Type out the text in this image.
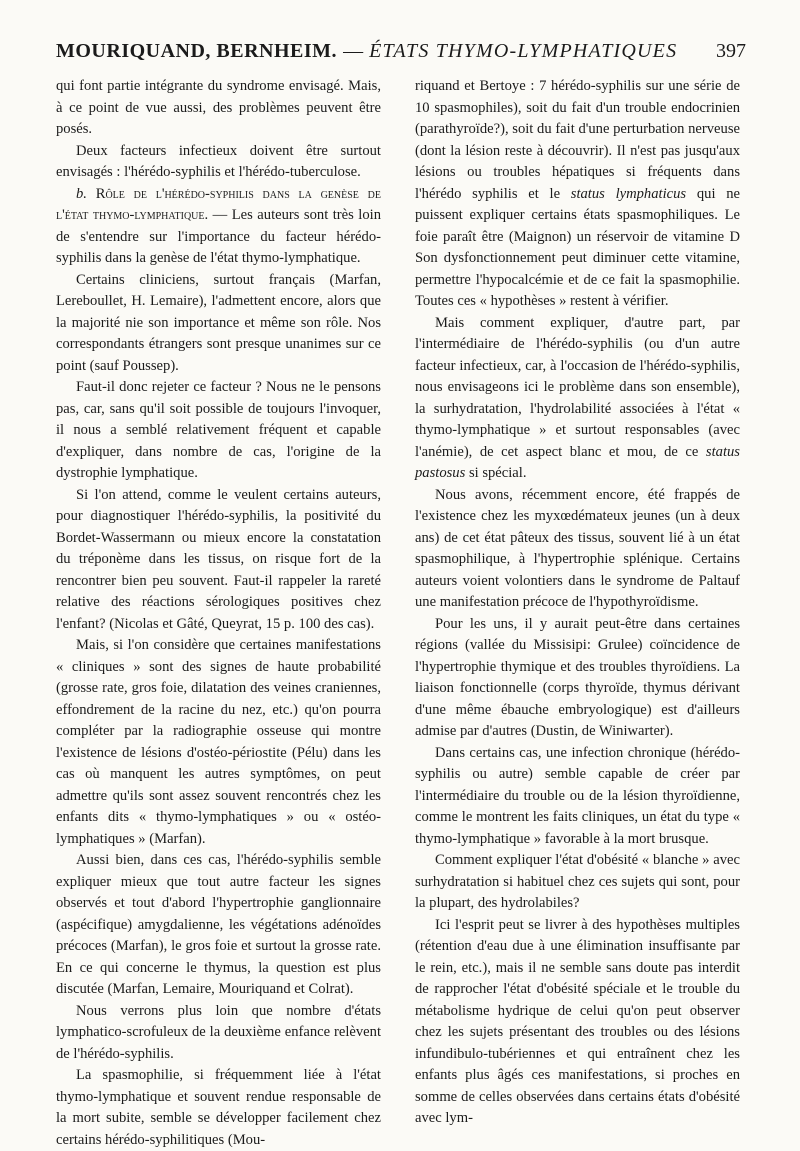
MOURIQUAND, BERNHEIM. — ÉTATS THYMO-LYMPHATIQUES 397

qui font partie intégrante du syndrome envisagé. Mais, à ce point de vue aussi, des problèmes peuvent être posés.

Deux facteurs infectieux doivent être surtout envisagés : l'hérédo-syphilis et l'hérédo-tuberculose.

b. Rôle de l'hérédo-syphilis dans la genèse de l'état thymo-lymphatique. — Les auteurs sont très loin de s'entendre sur l'importance du facteur hérédo-syphilis dans la genèse de l'état thymo-lymphatique.

Certains cliniciens, surtout français (Marfan, Lereboullet, H. Lemaire), l'admettent encore, alors que la majorité nie son importance et même son rôle. Nos correspondants étrangers sont presque unanimes sur ce point (sauf Poussep).

Faut-il donc rejeter ce facteur ? Nous ne le pensons pas, car, sans qu'il soit possible de toujours l'invoquer, il nous a semblé relativement fréquent et capable d'expliquer, dans nombre de cas, l'origine de la dystrophie lymphatique.

Si l'on attend, comme le veulent certains auteurs, pour diagnostiquer l'hérédo-syphilis, la positivité du Bordet-Wassermann ou mieux encore la constatation du tréponème dans les tissus, on risque fort de la rencontrer bien peu souvent. Faut-il rappeler la rareté relative des réactions sérologiques positives chez l'enfant? (Nicolas et Gâté, Queyrat, 15 p. 100 des cas).

Mais, si l'on considère que certaines manifestations « cliniques » sont des signes de haute probabilité (grosse rate, gros foie, dilatation des veines craniennes, effondrement de la racine du nez, etc.) qu'on pourra compléter par la radiographie osseuse qui montre l'existence de lésions d'ostéo-périostite (Pélu) dans les cas où manquent les autres symptômes, on peut admettre qu'ils sont assez souvent rencontrés chez les enfants dits « thymo-lymphatiques » ou « ostéo-lymphatiques » (Marfan).

Aussi bien, dans ces cas, l'hérédo-syphilis semble expliquer mieux que tout autre facteur les signes observés et tout d'abord l'hypertrophie ganglionnaire (aspécifique) amygdalienne, les végétations adénoïdes précoces (Marfan), le gros foie et surtout la grosse rate. En ce qui concerne le thymus, la question est plus discutée (Marfan, Lemaire, Mouriquand et Colrat).

Nous verrons plus loin que nombre d'états lymphatico-scrofuleux de la deuxième enfance relèvent de l'hérédo-syphilis.

La spasmophilie, si fréquemment liée à l'état thymo-lymphatique et souvent rendue responsable de la mort subite, semble se développer facilement chez certains hérédo-syphilitiques (Mou-

riquand et Bertoye : 7 hérédo-syphilis sur une série de 10 spasmophiles), soit du fait d'un trouble endocrinien (parathyroïde?), soit du fait d'une perturbation nerveuse (dont la lésion reste à découvrir). Il n'est pas jusqu'aux lésions ou troubles hépatiques si fréquents dans l'hérédo syphilis et le status lymphaticus qui ne puissent expliquer certains états spasmophiliques. Le foie paraît être (Maignon) un réservoir de vitamine D Son dysfonctionnement peut diminuer cette vitamine, permettre l'hypocalcémie et de ce fait la spasmophilie. Toutes ces « hypothèses » restent à vérifier.

Mais comment expliquer, d'autre part, par l'intermédiaire de l'hérédo-syphilis (ou d'un autre facteur infectieux, car, à l'occasion de l'hérédo-syphilis, nous envisageons ici le problème dans son ensemble), la surhydratation, l'hydrolabilité associées à l'état « thymo-lymphatique » et surtout responsables (avec l'anémie), de cet aspect blanc et mou, de ce status pastosus si spécial.

Nous avons, récemment encore, été frappés de l'existence chez les myxœdémateux jeunes (un à deux ans) de cet état pâteux des tissus, souvent lié à un état spasmophilique, à l'hypertrophie splénique. Certains auteurs voient volontiers dans le syndrome de Paltauf une manifestation précoce de l'hypothyroïdisme.

Pour les uns, il y aurait peut-être dans certaines régions (vallée du Missisipi: Grulee) coïncidence de l'hypertrophie thymique et des troubles thyroïdiens. La liaison fonctionnelle (corps thyroïde, thymus dérivant d'une même ébauche embryologique) est d'ailleurs admise par d'autres (Dustin, de Winiwarter).

Dans certains cas, une infection chronique (hérédo-syphilis ou autre) semble capable de créer par l'intermédiaire du trouble ou de la lésion thyroïdienne, comme le montrent les faits cliniques, un état du type « thymo-lymphatique » favorable à la mort brusque.

Comment expliquer l'état d'obésité « blanche » avec surhydratation si habituel chez ces sujets qui sont, pour la plupart, des hydrolabiles?

Ici l'esprit peut se livrer à des hypothèses multiples (rétention d'eau due à une élimination insuffisante par le rein, etc.), mais il ne semble sans doute pas interdit de rapprocher l'état d'obésité spéciale et le trouble du métabolisme hydrique de celui qu'on peut observer chez les sujets présentant des troubles ou des lésions infundibulo-tubériennes et qui entraînent chez les enfants plus âgés ces manifestations, si proches en somme de celles observées dans certains états d'obésité avec lym-
